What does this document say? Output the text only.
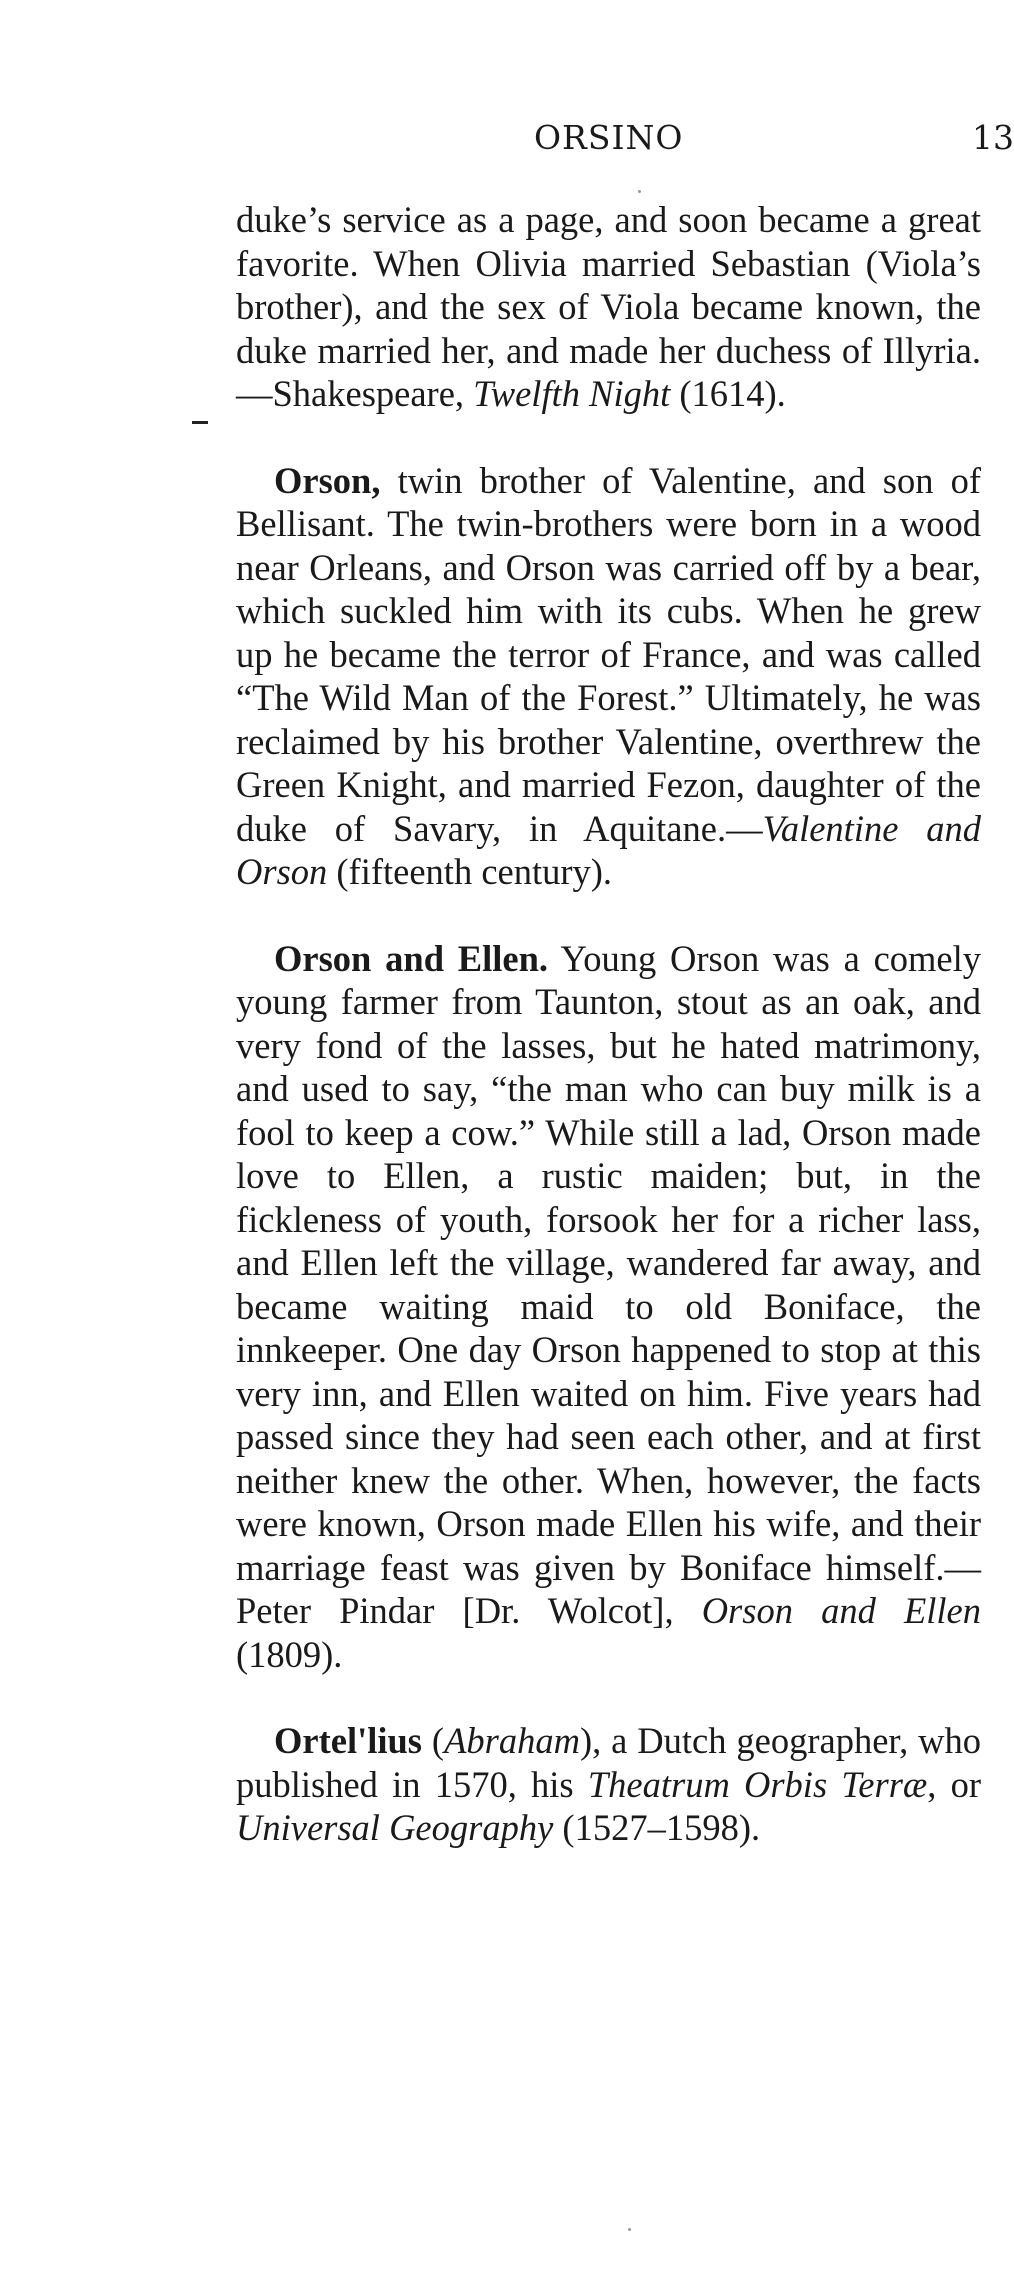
ORSINO	13

duke’s service as a page, and soon became a great favorite. When Olivia married Sebastian (Viola’s brother), and the sex of Viola became known, the duke married her, and made her duchess of Illyria.—Shakespeare, Twelfth Night (1614).

Orson, twin brother of Valentine, and son of Bellisant. The twin-brothers were born in a wood near Orleans, and Orson was carried off by a bear, which suckled him with its cubs. When he grew up he became the terror of France, and was called “The Wild Man of the Forest.” Ultimately, he was reclaimed by his brother Valentine, overthrew the Green Knight, and married Fezon, daughter of the duke of Savary, in Aquitane.—Valentine and Orson (fifteenth century).

Orson and Ellen. Young Orson was a comely young farmer from Taunton, stout as an oak, and very fond of the lasses, but he hated matrimony, and used to say, “the man who can buy milk is a fool to keep a cow.” While still a lad, Orson made love to Ellen, a rustic maiden; but, in the fickleness of youth, forsook her for a richer lass, and Ellen left the village, wandered far away, and became waiting maid to old Boniface, the innkeeper. One day Orson happened to stop at this very inn, and Ellen waited on him. Five years had passed since they had seen each other, and at first neither knew the other. When, however, the facts were known, Orson made Ellen his wife, and their marriage feast was given by Boniface himself.—Peter Pindar [Dr. Wolcot], Orson and Ellen (1809).

Ortel'lius (Abraham), a Dutch geographer, who published in 1570, his Theatrum Orbis Terræ, or Universal Geography (1527–1598).
